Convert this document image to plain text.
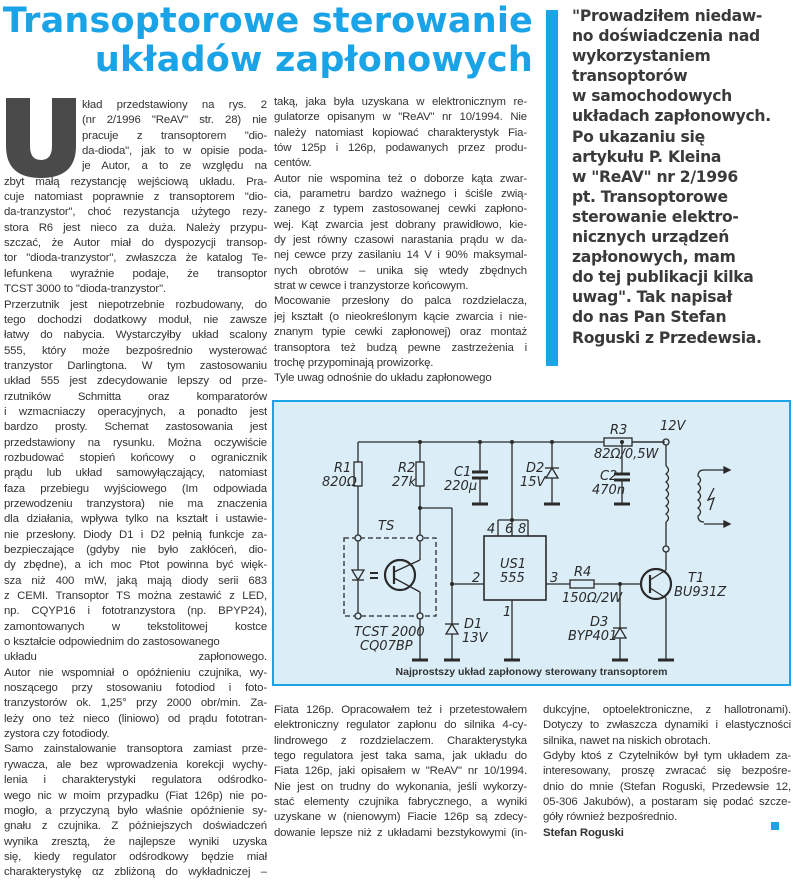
Transoptorowe sterowanie
układów zapłonowych
"Prowadziłem niedaw-
no doświadczenia nad
wykorzystaniem
transoptorów
w samochodowych
układach zapłonowych.
Po ukazaniu się
artykułu P. Kleina
w "ReAV" nr 2/1996
pt. Transoptorowe
sterowanie elektro-
nicznych urządzeń
zapłonowych, mam
do tej publikacji kilka
uwag". Tak napisał
do nas Pan Stefan
Roguski z Przedewsia.
kład przedstawiony na rys. 2
(nr 2/1996 "ReAV" str. 28) nie
pracuje z transoptorem "dio-
da-dioda", jak to w opisie poda-
je Autor, a to ze względu na
zbyt małą rezystancję wejściową układu. Pra-
cuje natomiast poprawnie z transoptorem "dio-
da-tranzystor", choć rezystancja użytego rezy-
stora R6 jest nieco za duża. Należy przypu-
szczać, że Autor miał do dyspozycji transop-
tor "dioda-tranzystor", zwłaszcza że katalog Te-
lefunkena wyraźnie podaje, że transoptor
TCST 3000 to "dioda-tranzystor".
Przerzutnik jest niepotrzebnie rozbudowany, do
tego dochodzi dodatkowy moduł, nie zawsze
łatwy do nabycia. Wystarczyłby układ scalony
555, który może bezpośrednio wysterować
tranzystor Darlingtona. W tym zastosowaniu
układ 555 jest zdecydowanie lepszy od prze-
rzutników Schmitta oraz komparatorów
i wzmacniaczy operacyjnych, a ponadto jest
bardzo prosty. Schemat zastosowania jest
przedstawiony na rysunku. Można oczywiście
rozbudować stopień końcowy o ogranicznik
prądu lub układ samowyłączający, natomiast
faza przebiegu wyjściowego (Im odpowiada
przewodzeniu tranzystora) nie ma znaczenia
dla działania, wpływa tylko na kształt i ustawie-
nie przesłony. Diody D1 i D2 pełnią funkcje za-
bezpieczające (gdyby nie było zakłóceń, dio-
dy zbędne), a ich moc Ptot powinna być więk-
sza niż 400 mW, jaką mają diody serii 683
z CEMI. Transoptor TS można zestawić z LED,
np. CQYP16 i fototranzystora (np. BPYP24),
zamontowanych w tekstolitowej kostce
o kształcie odpowiednim do zastosowanego
układu zapłonowego.
Autor nie wspomniał o opóźnieniu czujnika, wy-
noszącego przy stosowaniu fotodiod i foto-
tranzystorów ok. 1,25° przy 2000 obr/min. Za-
leży ono też nieco (liniowo) od prądu fototran-
zystora czy fotodiody.
Samo zainstalowanie transoptora zamiast prze-
rywacza, ale bez wprowadzenia korekcji wychy-
lenia i charakterystyki regulatora odśrodko-
wego nic w moim przypadku (Fiat 126p) nie po-
mogło, a przyczyną było właśnie opóźnienie sy-
gnału z czujnika. Z późniejszych doświadczeń
wynika zresztą, że najlepsze wyniki uzyska
się, kiedy regulator odśrodkowy będzie miał
charakterystykę αz zbliżoną do wykładniczej –
taką, jaka była uzyskana w elektronicznym re-
gulatorze opisanym w "ReAV" nr 10/1994. Nie
należy natomiast kopiować charakterystyk Fia-
tów 125p i 126p, podawanych przez produ-
centów.
Autor nie wspomina też o doborze kąta zwar-
cia, parametru bardzo ważnego i ściśle zwią-
zanego z typem zastosowanej cewki zapłono-
wej. Kąt zwarcia jest dobrany prawidłowo, kie-
dy jest równy czasowi narastania prądu w da-
nej cewce przy zasilaniu 14 V i 90% maksymal-
nych obrotów – unika się wtedy zbędnych
strat w cewce i tranzystorze końcowym.
Mocowanie przesłony do palca rozdzielacza,
jej kształt (o nieokreślonym kącie zwarcia i nie-
znanym typie cewki zapłonowej) oraz montaż
transoptora też budzą pewne zastrzeżenia i
trochę przypominają prowizorkę.
Tyle uwag odnośnie do układu zapłonowego
R1
820Ω
R2
27k
C1
220µ
D2
15V
R3
82Ω/0,5W
12V
C2
470n
TS
TCST 2000
CQ07BP
D1
13V
US1
555
4 6 8
2	3
1
R4
150Ω/2W
D3
BYP401
T1
BU931Z
Najprostszy układ zapłonowy sterowany transoptorem
Fiata 126p. Opracowałem też i przetestowałem
elektroniczny regulator zapłonu do silnika 4-cy-
lindrowego z rozdzielaczem. Charakterystyka
tego regulatora jest taka sama, jak układu do
Fiata 126p, jaki opisałem w "ReAV" nr 10/1994.
Nie jest on trudny do wykonania, jeśli wykorzy-
stać elementy czujnika fabrycznego, a wyniki
uzyskane w (nienowym) Fiacie 126p są zdecy-
dowanie lepsze niż z układami bezstykowymi (in-
dukcyjne, optoelektroniczne, z hallotronami).
Dotyczy to zwłaszcza dynamiki i elastyczności
silnika, nawet na niskich obrotach.
Gdyby ktoś z Czytelników był tym układem za-
interesowany, proszę zwracać się bezpośre-
dnio do mnie (Stefan Roguski, Przedewsie 12,
05-306 Jakubów), a postaram się podać szcze-
góły również bezpośrednio.
Stefan Roguski
